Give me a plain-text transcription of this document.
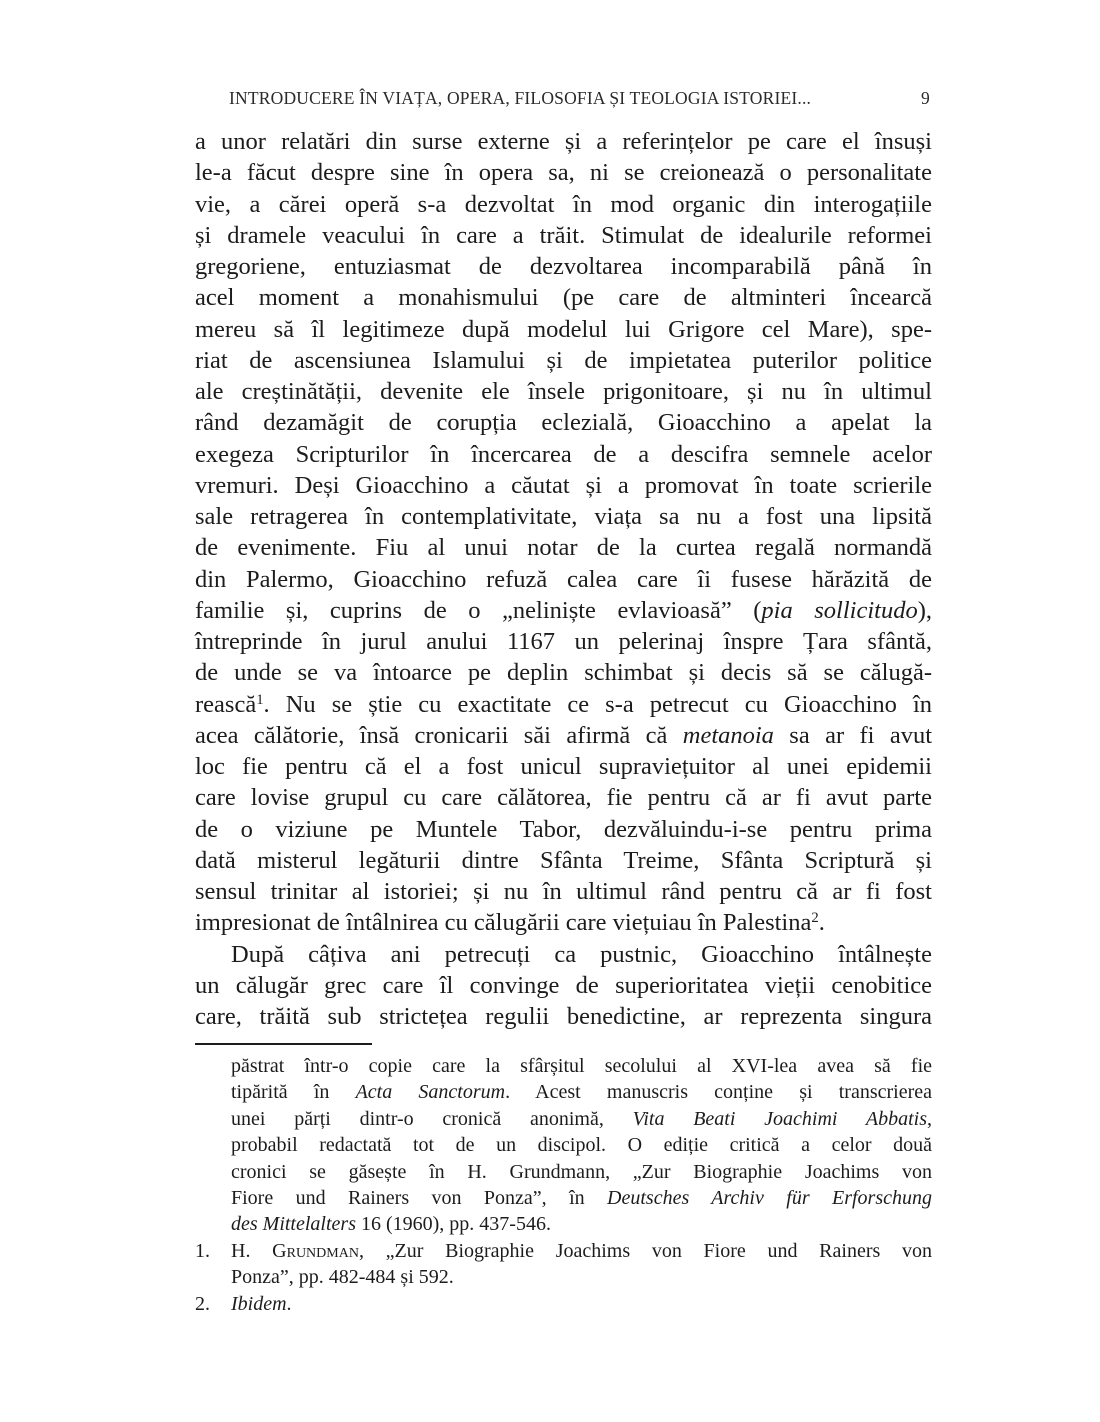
INTRODUCERE ÎN VIAȚA, OPERA, FILOSOFIA ȘI TEOLOGIA ISTORIEI...	9
a unor relatări din surse externe și a referințelor pe care el însuși
le-a făcut despre sine în opera sa, ni se creionează o personalitate
vie, a cărei operă s-a dezvoltat în mod organic din interogațiile
și dramele veacului în care a trăit. Stimulat de idealurile reformei
gregoriene, entuziasmat de dezvoltarea incomparabilă până în
acel moment a monahismului (pe care de altminteri încearcă
mereu să îl legitimeze după modelul lui Grigore cel Mare), spe-
riat de ascensiunea Islamului și de impietatea puterilor politice
ale creștinătății, devenite ele însele prigonitoare, și nu în ultimul
rând dezamăgit de corupția eclezială, Gioacchino a apelat la
exegeza Scripturilor în încercarea de a descifra semnele acelor
vremuri. Deși Gioacchino a căutat și a promovat în toate scrierile
sale retragerea în contemplativitate, viața sa nu a fost una lipsită
de evenimente. Fiu al unui notar de la curtea regală normandă
din Palermo, Gioacchino refuză calea care îi fusese hărăzită de
familie și, cuprins de o „neliniște evlavioasă” (pia sollicitudo),
întreprinde în jurul anului 1167 un pelerinaj înspre Țara sfântă,
de unde se va întoarce pe deplin schimbat și decis să se călugă-
rească$^1$. Nu se știe cu exactitate ce s-a petrecut cu Gioacchino în
acea călătorie, însă cronicarii săi afirmă că metanoia sa ar fi avut
loc fie pentru că el a fost unicul supraviețuitor al unei epidemii
care lovise grupul cu care călătorea, fie pentru că ar fi avut parte
de o viziune pe Muntele Tabor, dezvăluindu-i-se pentru prima
dată misterul legăturii dintre Sfânta Treime, Sfânta Scriptură și
sensul trinitar al istoriei; și nu în ultimul rând pentru că ar fi fost
impresionat de întâlnirea cu călugării care viețuiau în Palestina$^2$.
După câțiva ani petrecuți ca pustnic, Gioacchino întâlnește
un călugăr grec care îl convinge de superioritatea vieții cenobitice
care, trăită sub strictețea regulii benedictine, ar reprezenta singura
păstrat într-o copie care la sfârșitul secolului al XVI-lea avea să fie
tipărită în Acta Sanctorum. Acest manuscris conține și transcrierea
unei părți dintr-o cronică anonimă, Vita Beati Joachimi Abbatis,
probabil redactată tot de un discipol. O ediție critică a celor două
cronici se găsește în H. Grundmann, „Zur Biographie Joachims von
Fiore und Rainers von Ponza”, în Deutsches Archiv für Erforschung
des Mittelalters 16 (1960), pp. 437-546.
1. H. Grundman, „Zur Biographie Joachims von Fiore und Rainers von
Ponza”, pp. 482-484 și 592.
2. Ibidem.
